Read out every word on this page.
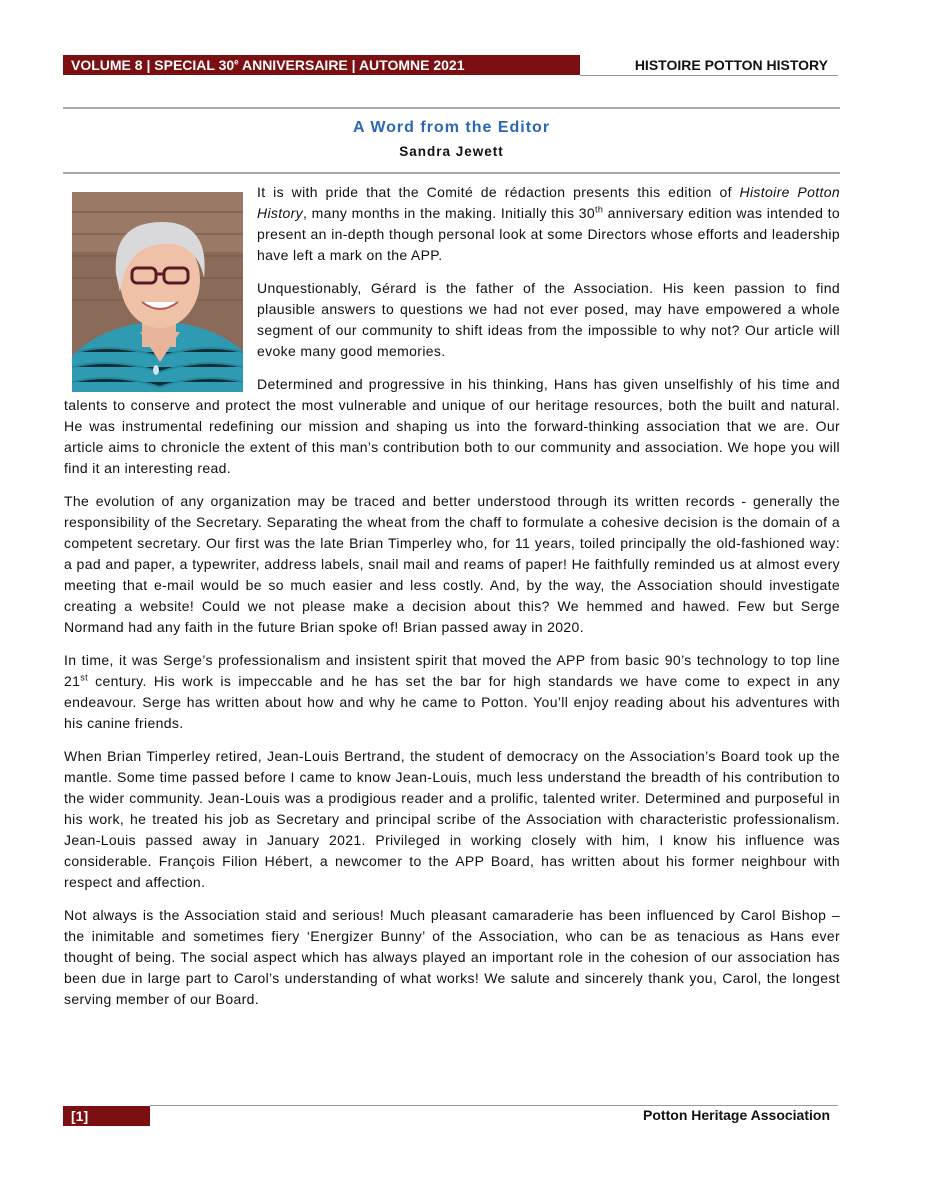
VOLUME 8 | SPECIAL 30e ANNIVERSAIRE | AUTOMNE 2021	HISTOIRE POTTON HISTORY
A Word from the Editor
Sandra Jewett

It is with pride that the Comité de rédaction presents this edition of Histoire Potton History, many months in the making. Initially this 30th anniversary edition was intended to present an in-depth though personal look at some Directors whose efforts and leadership have left a mark on the APP.

Unquestionably, Gérard is the father of the Association. His keen passion to find plausible answers to questions we had not ever posed, may have empowered a whole segment of our community to shift ideas from the impossible to why not? Our article will evoke many good memories.

Determined and progressive in his thinking, Hans has given unselfishly of his time and talents to conserve and protect the most vulnerable and unique of our heritage resources, both the built and natural. He was instrumental redefining our mission and shaping us into the forward-thinking association that we are. Our article aims to chronicle the extent of this man’s contribution both to our community and association. We hope you will find it an interesting read.

The evolution of any organization may be traced and better understood through its written records - generally the responsibility of the Secretary. Separating the wheat from the chaff to formulate a cohesive decision is the domain of a competent secretary. Our first was the late Brian Timperley who, for 11 years, toiled principally the old-fashioned way: a pad and paper, a typewriter, address labels, snail mail and reams of paper! He faithfully reminded us at almost every meeting that e-mail would be so much easier and less costly. And, by the way, the Association should investigate creating a website! Could we not please make a decision about this? We hemmed and hawed. Few but Serge Normand had any faith in the future Brian spoke of! Brian passed away in 2020.

In time, it was Serge’s professionalism and insistent spirit that moved the APP from basic 90’s technology to top line 21st century. His work is impeccable and he has set the bar for high standards we have come to expect in any endeavour. Serge has written about how and why he came to Potton. You’ll enjoy reading about his adventures with his canine friends.

When Brian Timperley retired, Jean-Louis Bertrand, the student of democracy on the Association’s Board took up the mantle. Some time passed before I came to know Jean-Louis, much less understand the breadth of his contribution to the wider community. Jean-Louis was a prodigious reader and a prolific, talented writer. Determined and purposeful in his work, he treated his job as Secretary and principal scribe of the Association with characteristic professionalism. Jean-Louis passed away in January 2021. Privileged in working closely with him, I know his influence was considerable. François Filion Hébert, a newcomer to the APP Board, has written about his former neighbour with respect and affection.

Not always is the Association staid and serious! Much pleasant camaraderie has been influenced by Carol Bishop – the inimitable and sometimes fiery ‘Energizer Bunny’ of the Association, who can be as tenacious as Hans ever thought of being. The social aspect which has always played an important role in the cohesion of our association has been due in large part to Carol’s understanding of what works! We salute and sincerely thank you, Carol, the longest serving member of our Board.

[1]	Potton Heritage Association
